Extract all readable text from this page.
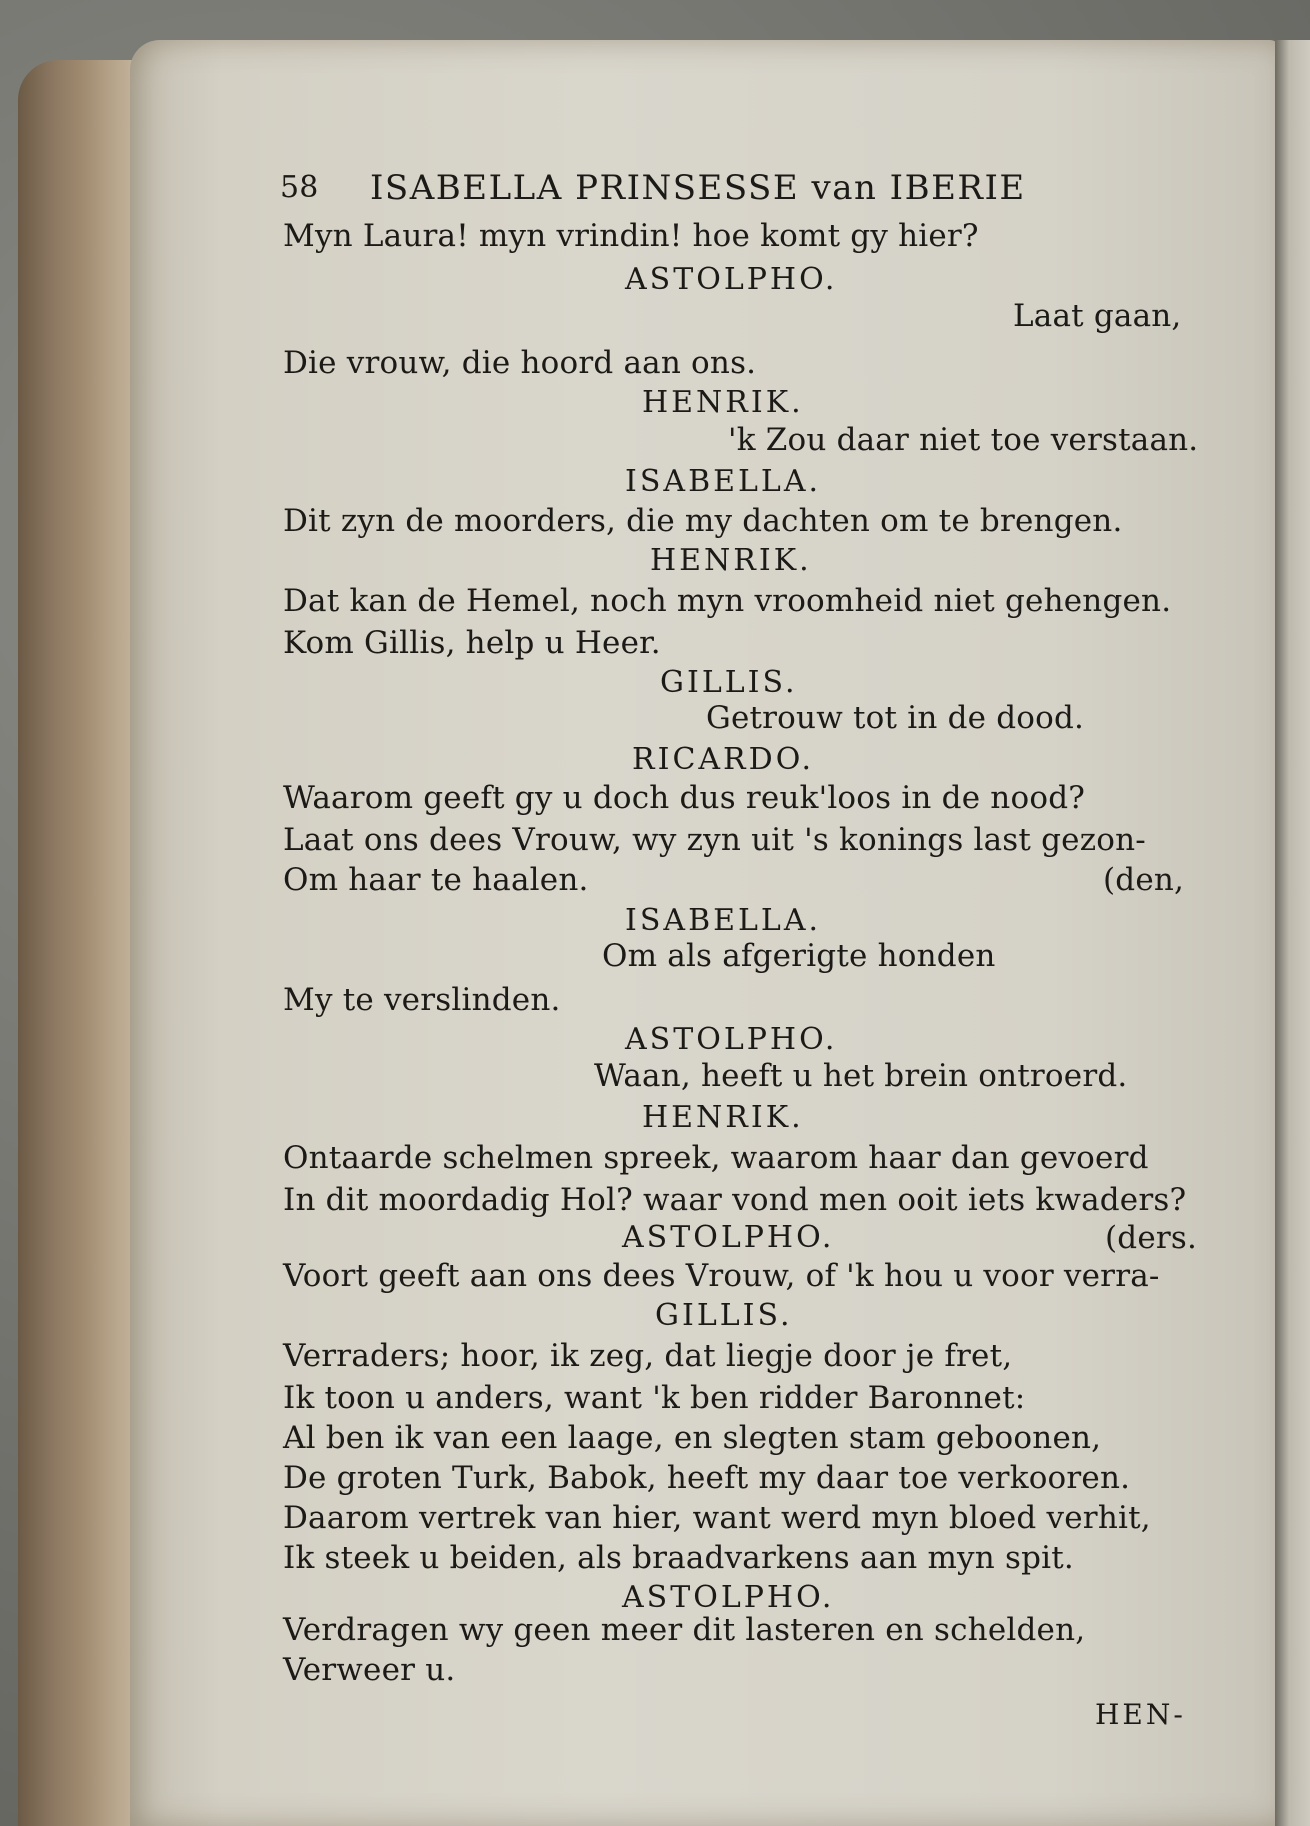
58 ISABELLA PRINSESSE van IBERIE
Myn Laura! myn vrindin! hoe komt gy hier?
ASTOLPHO.
Laat gaan,
Die vrouw, die hoord aan ons.
HENRIK.
'k Zou daar niet toe verstaan.
ISABELLA.
Dit zyn de moorders, die my dachten om te brengen.
HENRIK.
Dat kan de Hemel, noch myn vroomheid niet gehengen.
Kom Gillis, help u Heer.
GILLIS.
Getrouw tot in de dood.
RICARDO.
Waarom geeft gy u doch dus reuk'loos in de nood?
Laat ons dees Vrouw, wy zyn uit 's konings last gezon-
Om haar te haalen.	(den,
ISABELLA.
Om als afgerigte honden
My te verslinden.
ASTOLPHO.
Waan, heeft u het brein ontroerd.
HENRIK.
Ontaarde schelmen spreek, waarom haar dan gevoerd
In dit moordadig Hol? waar vond men ooit iets kwaders?
ASTOLPHO.	(ders.
Voort geeft aan ons dees Vrouw, of 'k hou u voor verra-
GILLIS.
Verraders; hoor, ik zeg, dat liegje door je fret,
Ik toon u anders, want 'k ben ridder Baronnet:
Al ben ik van een laage, en slegten stam geboonen,
De groten Turk, Babok, heeft my daar toe verkooren.
Daarom vertrek van hier, want werd myn bloed verhit,
Ik steek u beiden, als braadvarkens aan myn spit.
ASTOLPHO.
Verdragen wy geen meer dit lasteren en schelden,
Verweer u.
HEN-
